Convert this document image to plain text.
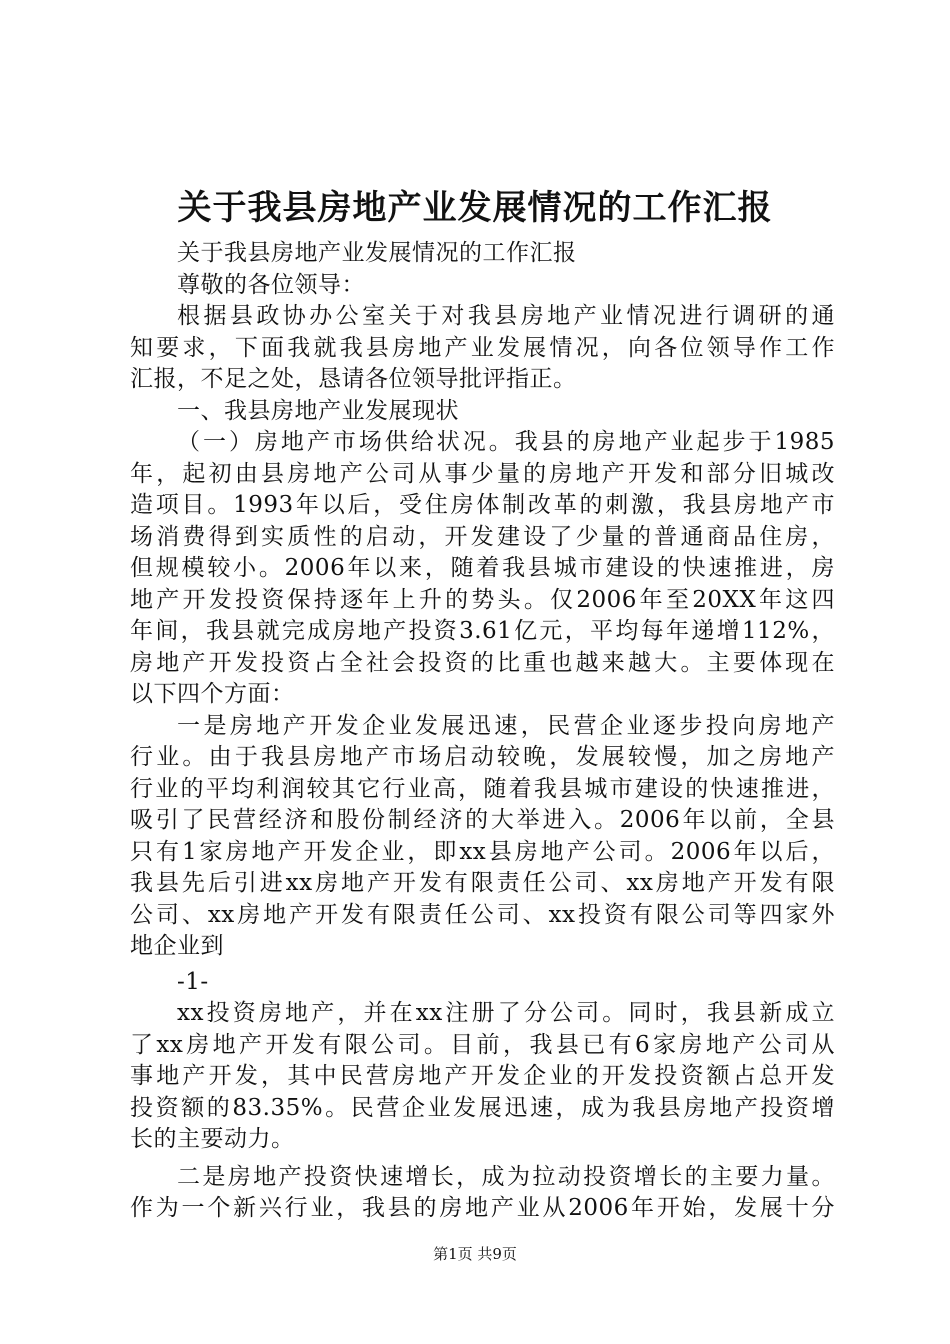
关于我县房地产业发展情况的工作汇报
关于我县房地产业发展情况的工作汇报
尊敬的各位领导：
根据县政协办公室关于对我县房地产业情况进行调研的通
知要求，下面我就我县房地产业发展情况，向各位领导作工作
汇报，不足之处，恳请各位领导批评指正。
一、我县房地产业发展现状
（一）房地产市场供给状况。我县的房地产业起步于1985
年，起初由县房地产公司从事少量的房地产开发和部分旧城改
造项目。1993年以后，受住房体制改革的刺激，我县房地产市
场消费得到实质性的启动，开发建设了少量的普通商品住房，
但规模较小。2006年以来，随着我县城市建设的快速推进，房
地产开发投资保持逐年上升的势头。仅2006年至20XX年这四
年间，我县就完成房地产投资3.61亿元，平均每年递增112%，
房地产开发投资占全社会投资的比重也越来越大。主要体现在
以下四个方面：
一是房地产开发企业发展迅速，民营企业逐步投向房地产
行业。由于我县房地产市场启动较晚，发展较慢，加之房地产
行业的平均利润较其它行业高，随着我县城市建设的快速推进，
吸引了民营经济和股份制经济的大举进入。2006年以前，全县
只有1家房地产开发企业，即xx县房地产公司。2006年以后，
我县先后引进xx房地产开发有限责任公司、xx房地产开发有限
公司、xx房地产开发有限责任公司、xx投资有限公司等四家外
地企业到
-1-
xx投资房地产，并在xx注册了分公司。同时，我县新成立
了xx房地产开发有限公司。目前，我县已有6家房地产公司从
事地产开发，其中民营房地产开发企业的开发投资额占总开发
投资额的83.35%。民营企业发展迅速，成为我县房地产投资增
长的主要动力。
二是房地产投资快速增长，成为拉动投资增长的主要力量。
作为一个新兴行业，我县的房地产业从2006年开始，发展十分
第1页 共9页
